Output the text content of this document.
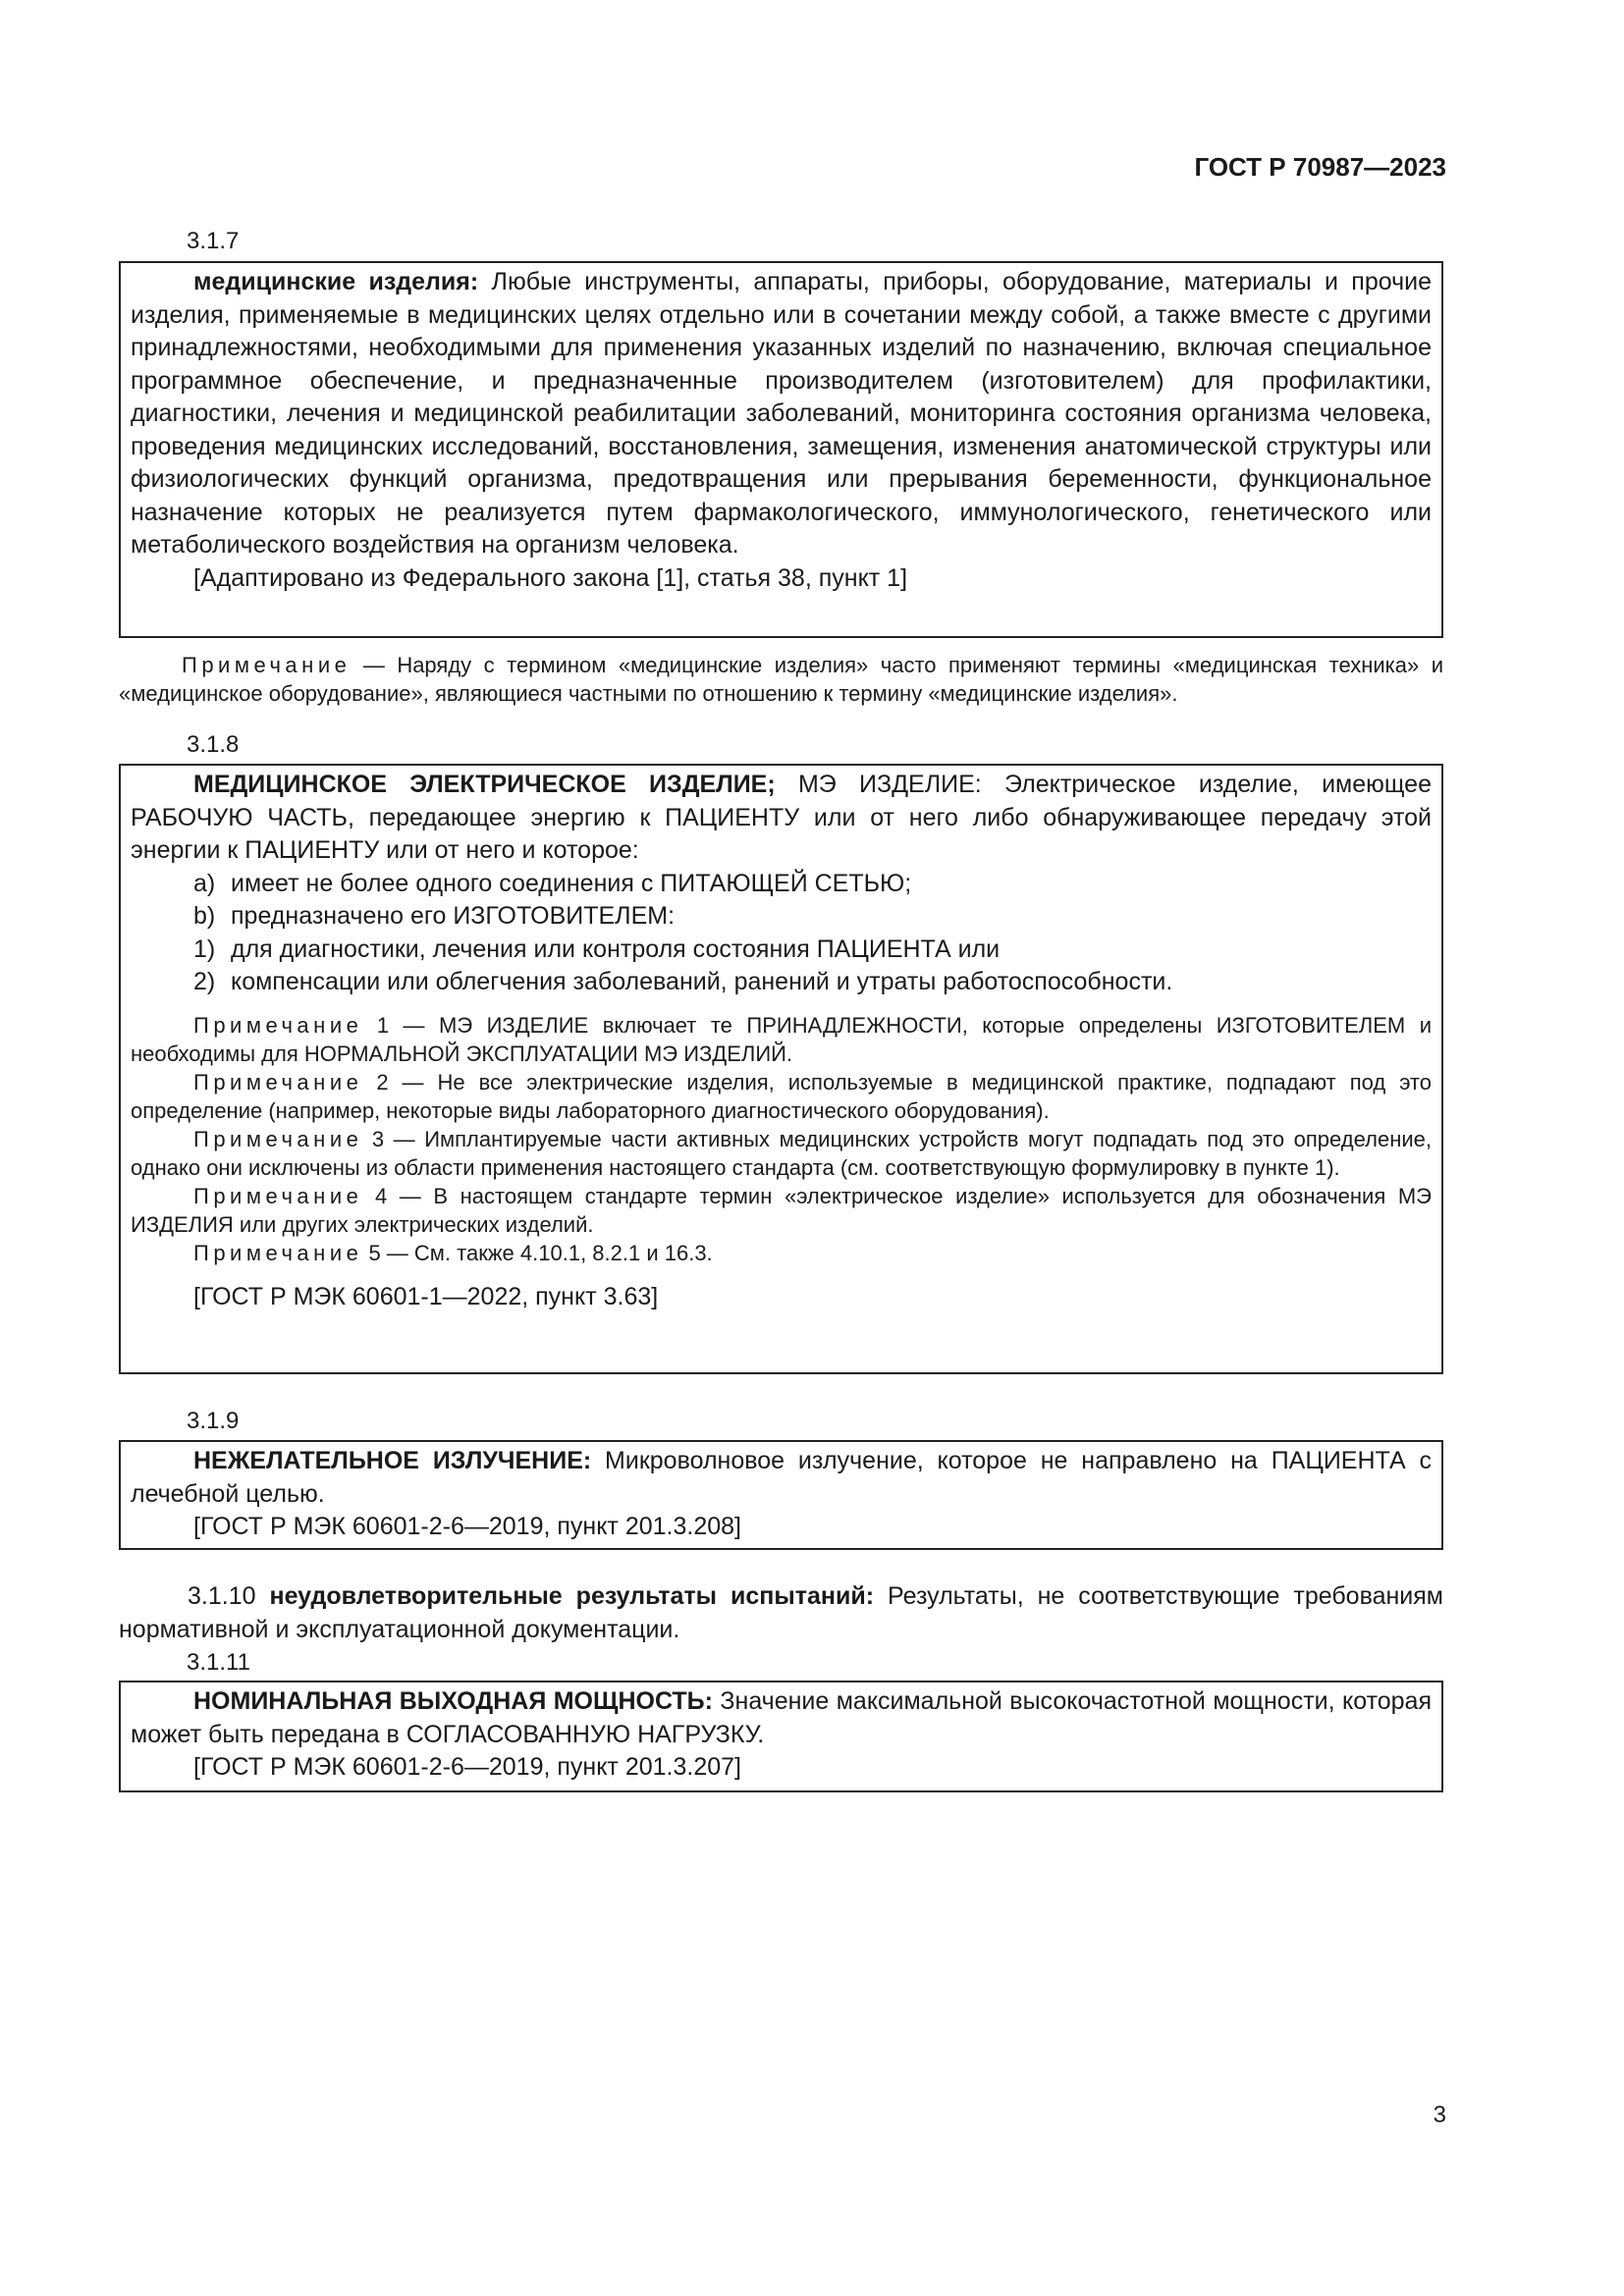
ГОСТ Р 70987—2023
3.1.7

медицинские изделия: Любые инструменты, аппараты, приборы, оборудование, материалы и прочие изделия, применяемые в медицинских целях отдельно или в сочетании между собой, а также вместе с другими принадлежностями, необходимыми для применения указанных изделий по назначению, включая специальное программное обеспечение, и предназначенные производителем (изготовителем) для профилактики, диагностики, лечения и медицинской реабилитации заболеваний, мониторинга состояния организма человека, проведения медицинских исследований, восстановления, замещения, изменения анатомической структуры или физиологических функций организма, предотвращения или прерывания беременности, функциональное назначение которых не реализуется путем фармакологического, иммунологического, генетического или метаболического воздействия на организм человека.

[Адаптировано из Федерального закона [1], статья 38, пункт 1]

Примечание — Наряду с термином «медицинские изделия» часто применяют термины «медицинская техника» и «медицинское оборудование», являющиеся частными по отношению к термину «медицинские изделия».

3.1.8

МЕДИЦИНСКОЕ ЭЛЕКТРИЧЕСКОЕ ИЗДЕЛИЕ; МЭ ИЗДЕЛИЕ: Электрическое изделие, имеющее РАБОЧУЮ ЧАСТЬ, передающее энергию к ПАЦИЕНТУ или от него либо обнаруживающее передачу этой энергии к ПАЦИЕНТУ или от него и которое:

a) имеет не более одного соединения с ПИТАЮЩЕЙ СЕТЬЮ;
b) предназначено его ИЗГОТОВИТЕЛЕМ:
1) для диагностики, лечения или контроля состояния ПАЦИЕНТА или
2) компенсации или облегчения заболеваний, ранений и утраты работоспособности.

Примечание 1 — МЭ ИЗДЕЛИЕ включает те ПРИНАДЛЕЖНОСТИ, которые определены ИЗГОТОВИТЕЛЕМ и необходимы для НОРМАЛЬНОЙ ЭКСПЛУАТАЦИИ МЭ ИЗДЕЛИЙ.

Примечание 2 — Не все электрические изделия, используемые в медицинской практике, подпадают под это определение (например, некоторые виды лабораторного диагностического оборудования).

Примечание 3 — Имплантируемые части активных медицинских устройств могут подпадать под это определение, однако они исключены из области применения настоящего стандарта (см. соответствующую формулировку в пункте 1).

Примечание 4 — В настоящем стандарте термин «электрическое изделие» используется для обозначения МЭ ИЗДЕЛИЯ или других электрических изделий.

Примечание 5 — См. также 4.10.1, 8.2.1 и 16.3.

[ГОСТ Р МЭК 60601-1—2022, пункт 3.63]

3.1.9

НЕЖЕЛАТЕЛЬНОЕ ИЗЛУЧЕНИЕ: Микроволновое излучение, которое не направлено на ПАЦИЕНТА с лечебной целью.

[ГОСТ Р МЭК 60601-2-6—2019, пункт 201.3.208]

3.1.10 неудовлетворительные результаты испытаний: Результаты, не соответствующие требованиям нормативной и эксплуатационной документации.

3.1.11

НОМИНАЛЬНАЯ ВЫХОДНАЯ МОЩНОСТЬ: Значение максимальной высокочастотной мощности, которая может быть передана в СОГЛАСОВАННУЮ НАГРУЗКУ.

[ГОСТ Р МЭК 60601-2-6—2019, пункт 201.3.207]

3
